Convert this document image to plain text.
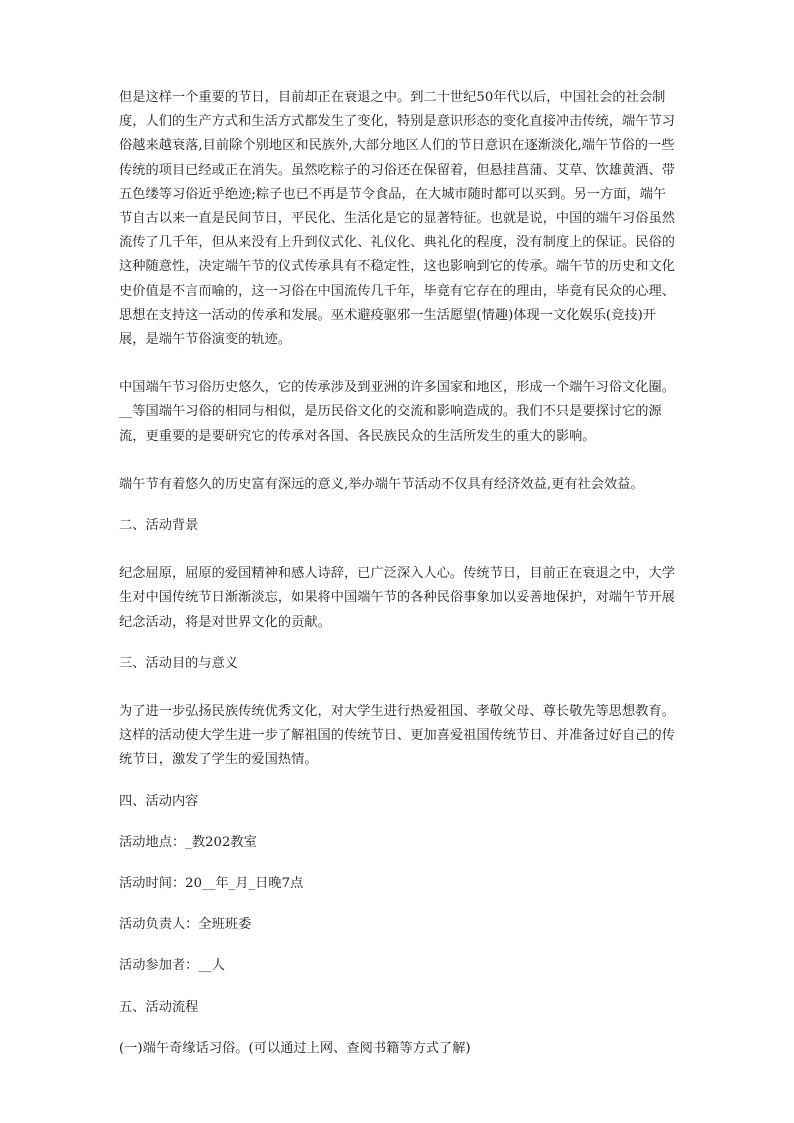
但是这样一个重要的节日，目前却正在衰退之中。到二十世纪50年代以后，中国社会的社会制度，人们的生产方式和生活方式都发生了变化，特别是意识形态的变化直接冲击传统，端午节习俗越来越衰落,目前除个别地区和民族外,大部分地区人们的节日意识在逐渐淡化,端午节俗的一些传统的项目已经或正在消失。虽然吃粽子的习俗还在保留着，但悬挂菖蒲、艾草、饮雄黄酒、带五色缕等习俗近乎绝迹;粽子也已不再是节令食品，在大城市随时都可以买到。另一方面，端午节自古以来一直是民间节日，平民化、生活化是它的显著特征。也就是说，中国的端午习俗虽然流传了几千年，但从来没有上升到仪式化、礼仪化、典礼化的程度，没有制度上的保证。民俗的这种随意性，决定端午节的仪式传承具有不稳定性，这也影响到它的传承。端午节的历史和文化史价值是不言而喻的，这一习俗在中国流传几千年，毕竟有它存在的理由，毕竟有民众的心理、思想在支持这一活动的传承和发展。巫术避疫驱邪一生活愿望(情趣)体现一文化娱乐(竞技)开展，是端午节俗演变的轨迹。

中国端午节习俗历史悠久，它的传承涉及到亚洲的许多国家和地区，形成一个端午习俗文化圈。__等国端午习俗的相同与相似，是历民俗文化的交流和影响造成的。我们不只是要探讨它的源流，更重要的是要研究它的传承对各国、各民族民众的生活所发生的重大的影响。

端午节有着悠久的历史富有深远的意义,举办端午节活动不仅具有经济效益,更有社会效益。

二、活动背景

纪念屈原，屈原的爱国精神和感人诗辞，已广泛深入人心。传统节日，目前正在衰退之中，大学生对中国传统节日渐渐淡忘，如果将中国端午节的各种民俗事象加以妥善地保护，对端午节开展纪念活动，将是对世界文化的贡献。

三、活动目的与意义

为了进一步弘扬民族传统优秀文化，对大学生进行热爱祖国、孝敬父母、尊长敬先等思想教育。这样的活动使大学生进一步了解祖国的传统节日、更加喜爱祖国传统节日、并准备过好自己的传统节日，激发了学生的爱国热情。

四、活动内容

活动地点：_教202教室

活动时间：20__年_月_日晚7点

活动负责人：全班班委

活动参加者：__人

五、活动流程

(一)端午奇缘话习俗。(可以通过上网、查阅书籍等方式了解)
